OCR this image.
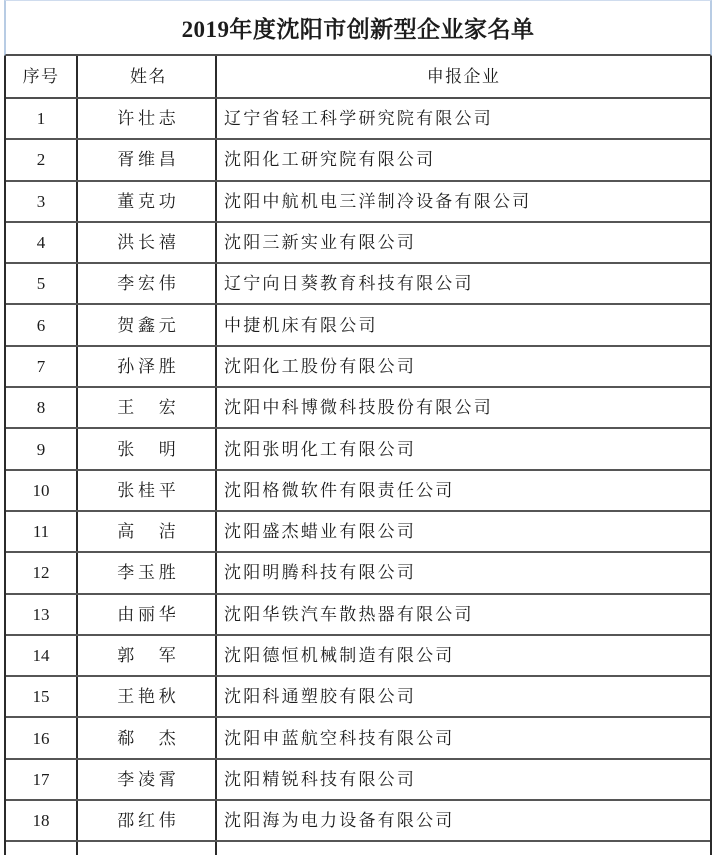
2019年度沈阳市创新型企业家名单
序号	姓名	申报企业
1	许壮志	辽宁省轻工科学研究院有限公司
2	胥维昌	沈阳化工研究院有限公司
3	董克功	沈阳中航机电三洋制冷设备有限公司
4	洪长禧	沈阳三新实业有限公司
5	李宏伟	辽宁向日葵教育科技有限公司
6	贺鑫元	中捷机床有限公司
7	孙泽胜	沈阳化工股份有限公司
8	王　宏	沈阳中科博微科技股份有限公司
9	张　明	沈阳张明化工有限公司
10	张桂平	沈阳格微软件有限责任公司
11	高　洁	沈阳盛杰蜡业有限公司
12	李玉胜	沈阳明腾科技有限公司
13	由丽华	沈阳华铁汽车散热器有限公司
14	郭　军	沈阳德恒机械制造有限公司
15	王艳秋	沈阳科通塑胶有限公司
16	郗　杰	沈阳申蓝航空科技有限公司
17	李凌霄	沈阳精锐科技有限公司
18	邵红伟	沈阳海为电力设备有限公司
